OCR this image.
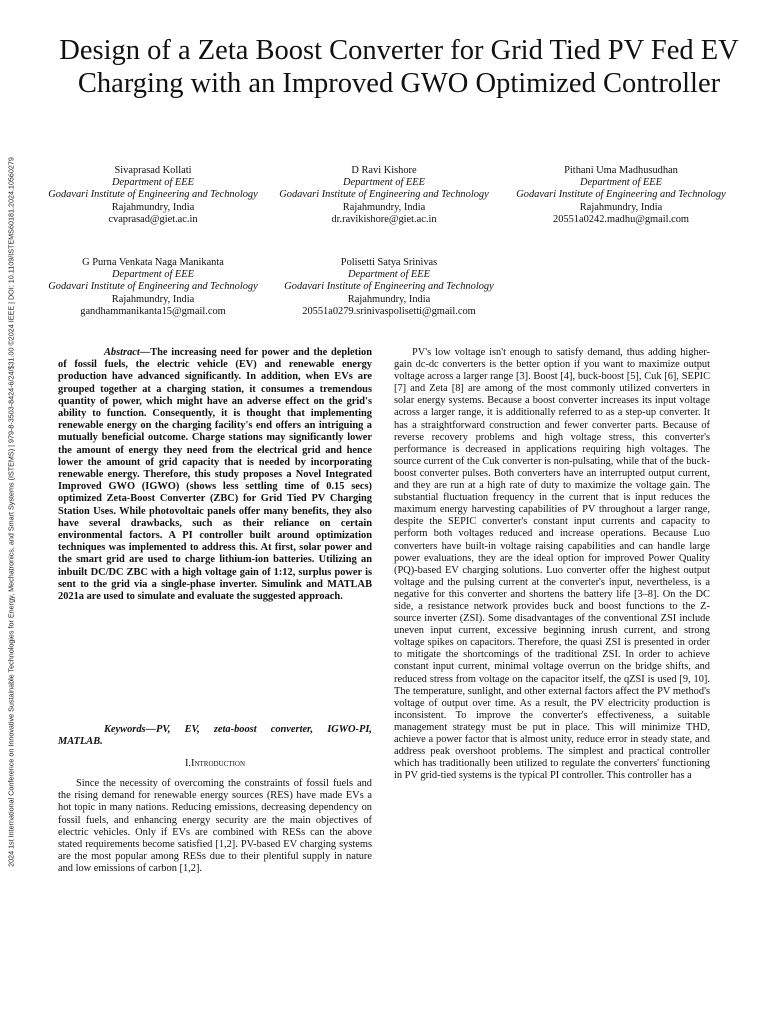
2024 1st International Conference on Innovative Sustainable Technologies for Energy, Mechatronics, and Smart Systems (ISTEMS) | 979-8-3503-8424-6/24/$31.00 ©2024 IEEE | DOI: 10.1109/ISTEMS60181.2024.10560279
Design of a Zeta Boost Converter for Grid Tied PV Fed EV Charging with an Improved GWO Optimized Controller
Sivaprasad Kollati
Department of EEE
Godavari Institute of Engineering and Technology
Rajahmundry, India
cvaprasad@giet.ac.in
D Ravi Kishore
Department of EEE
Godavari Institute of Engineering and Technology
Rajahmundry, India
dr.ravikishore@giet.ac.in
Pithani Uma Madhusudhan
Department of EEE
Godavari Institute of Engineering and Technology
Rajahmundry, India
20551a0242.madhu@gmail.com
G Purna Venkata Naga Manikanta
Department of EEE
Godavari Institute of Engineering and Technology
Rajahmundry, India
gandhammanikanta15@gmail.com
Polisetti Satya Srinivas
Department of EEE
Godavari Institute of Engineering and Technology
Rajahmundry, India
20551a0279.srinivaspolisetti@gmail.com

Abstract—The increasing need for power and the depletion of fossil fuels, the electric vehicle (EV) and renewable energy production have advanced significantly. In addition, when EVs are grouped together at a charging station, it consumes a tremendous quantity of power, which might have an adverse effect on the grid's ability to function. Consequently, it is thought that implementing renewable energy on the charging facility's end offers an intriguing a mutually beneficial outcome. Charge stations may significantly lower the amount of energy they need from the electrical grid and hence lower the amount of grid capacity that is needed by incorporating renewable energy. Therefore, this study proposes a Novel Integrated Improved GWO (IGWO) (shows less settling time of 0.15 secs) optimized Zeta-Boost Converter (ZBC) for Grid Tied PV Charging Station Uses. While photovoltaic panels offer many benefits, they also have several drawbacks, such as their reliance on certain environmental factors. A PI controller built around optimization techniques was implemented to address this. At first, solar power and the smart grid are used to charge lithium-ion batteries. Utilizing an inbuilt DC/DC ZBC with a high voltage gain of 1:12, surplus power is sent to the grid via a single-phase inverter. Simulink and MATLAB 2021a are used to simulate and evaluate the suggested approach.

Keywords—PV, EV, zeta-boost converter, IGWO-PI, MATLAB.

I.Introduction

Since the necessity of overcoming the constraints of fossil fuels and the rising demand for renewable energy sources (RES) have made EVs a hot topic in many nations. Reducing emissions, decreasing dependency on fossil fuels, and enhancing energy security are the main objectives of electric vehicles. Only if EVs are combined with RESs can the above stated requirements become satisfied [1,2]. PV-based EV charging systems are the most popular among RESs due to their plentiful supply in nature and low emissions of carbon [1,2].

PV's low voltage isn't enough to satisfy demand, thus adding higher-gain dc-dc converters is the better option if you want to maximize output voltage across a larger range [3]. Boost [4], buck-boost [5], Cuk [6], SEPIC [7] and Zeta [8] are among of the most commonly utilized converters in solar energy systems. Because a boost converter increases its input voltage across a larger range, it is additionally referred to as a step-up converter. It has a straightforward construction and fewer converter parts. Because of reverse recovery problems and high voltage stress, this converter's performance is decreased in applications requiring high voltages. The source current of the Cuk converter is non-pulsating, while that of the buck-boost converter pulses. Both converters have an interrupted output current, and they are run at a high rate of duty to maximize the voltage gain. The substantial fluctuation frequency in the current that is input reduces the maximum energy harvesting capabilities of PV throughout a larger range, despite the SEPIC converter's constant input currents and capacity to perform both voltages reduced and increase operations. Because Luo converters have built-in voltage raising capabilities and can handle large power evaluations, they are the ideal option for improved Power Quality (PQ)-based EV charging solutions. Luo converter offer the highest output voltage and the pulsing current at the converter's input, nevertheless, is a negative for this converter and shortens the battery life [3–8]. On the DC side, a resistance network provides buck and boost functions to the Z-source inverter (ZSI). Some disadvantages of the conventional ZSI include uneven input current, excessive beginning inrush current, and strong voltage spikes on capacitors. Therefore, the quasi ZSI is presented in order to mitigate the shortcomings of the traditional ZSI. In order to achieve constant input current, minimal voltage overrun on the bridge shifts, and reduced stress from voltage on the capacitor itself, the qZSI is used [9, 10]. The temperature, sunlight, and other external factors affect the PV method's voltage of output over time. As a result, the PV electricity production is inconsistent. To improve the converter's effectiveness, a suitable management strategy must be put in place. This will minimize THD, achieve a power factor that is almost unity, reduce error in steady state, and address peak overshoot problems. The simplest and practical controller which has traditionally been utilized to regulate the converters' functioning in PV grid-tied systems is the typical PI controller. This controller has a
